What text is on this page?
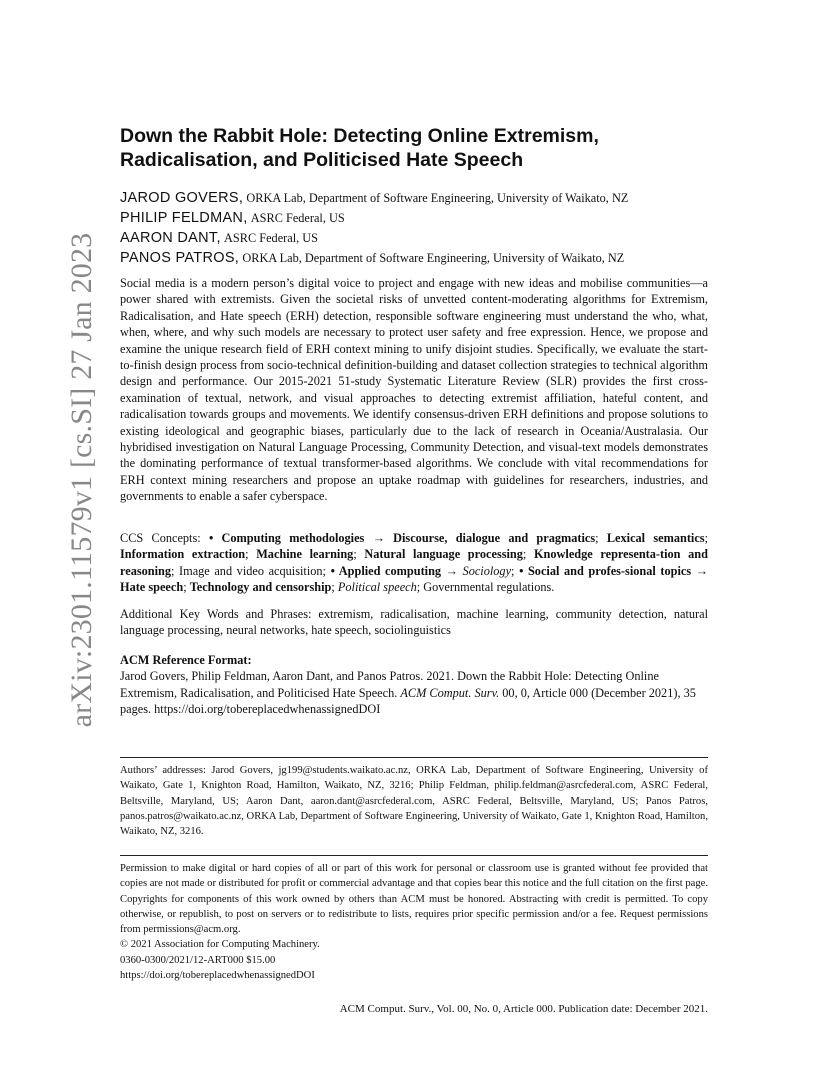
arXiv:2301.11579v1 [cs.SI] 27 Jan 2023
Down the Rabbit Hole: Detecting Online Extremism, Radicalisation, and Politicised Hate Speech
JAROD GOVERS, ORKA Lab, Department of Software Engineering, University of Waikato, NZ
PHILIP FELDMAN, ASRC Federal, US
AARON DANT, ASRC Federal, US
PANOS PATROS, ORKA Lab, Department of Software Engineering, University of Waikato, NZ

Social media is a modern person’s digital voice to project and engage with new ideas and mobilise communities—a power shared with extremists. Given the societal risks of unvetted content-moderating algorithms for Extremism, Radicalisation, and Hate speech (ERH) detection, responsible software engineering must understand the who, what, when, where, and why such models are necessary to protect user safety and free expression. Hence, we propose and examine the unique research field of ERH context mining to unify disjoint studies. Specifically, we evaluate the start-to-finish design process from socio-technical definition-building and dataset collection strategies to technical algorithm design and performance. Our 2015-2021 51-study Systematic Literature Review (SLR) provides the first cross-examination of textual, network, and visual approaches to detecting extremist affiliation, hateful content, and radicalisation towards groups and movements. We identify consensus-driven ERH definitions and propose solutions to existing ideological and geographic biases, particularly due to the lack of research in Oceania/Australasia. Our hybridised investigation on Natural Language Processing, Community Detection, and visual-text models demonstrates the dominating performance of textual transformer-based algorithms. We conclude with vital recommendations for ERH context mining researchers and propose an uptake roadmap with guidelines for researchers, industries, and governments to enable a safer cyberspace.

CCS Concepts: • Computing methodologies → Discourse, dialogue and pragmatics; Lexical semantics; Information extraction; Machine learning; Natural language processing; Knowledge representa-tion and reasoning; Image and video acquisition; • Applied computing → Sociology; • Social and profes-sional topics → Hate speech; Technology and censorship; Political speech; Governmental regulations.

Additional Key Words and Phrases: extremism, radicalisation, machine learning, community detection, natural language processing, neural networks, hate speech, sociolinguistics

ACM Reference Format:

Jarod Govers, Philip Feldman, Aaron Dant, and Panos Patros. 2021. Down the Rabbit Hole: Detecting Online Extremism, Radicalisation, and Politicised Hate Speech. ACM Comput. Surv. 00, 0, Article 000 (December 2021), 35 pages. https://doi.org/tobereplacedwhenassignedDOI

Authors’ addresses: Jarod Govers, jg199@students.waikato.ac.nz, ORKA Lab, Department of Software Engineering, University of Waikato, Gate 1, Knighton Road, Hamilton, Waikato, NZ, 3216; Philip Feldman, philip.feldman@asrcfederal.com, ASRC Federal, Beltsville, Maryland, US; Aaron Dant, aaron.dant@asrcfederal.com, ASRC Federal, Beltsville, Maryland, US; Panos Patros, panos.patros@waikato.ac.nz, ORKA Lab, Department of Software Engineering, University of Waikato, Gate 1, Knighton Road, Hamilton, Waikato, NZ, 3216.

Permission to make digital or hard copies of all or part of this work for personal or classroom use is granted without fee provided that copies are not made or distributed for profit or commercial advantage and that copies bear this notice and the full citation on the first page. Copyrights for components of this work owned by others than ACM must be honored. Abstracting with credit is permitted. To copy otherwise, or republish, to post on servers or to redistribute to lists, requires prior specific permission and/or a fee. Request permissions from permissions@acm.org.

© 2021 Association for Computing Machinery.
0360-0300/2021/12-ART000 $15.00
https://doi.org/tobereplacedwhenassignedDOI
ACM Comput. Surv., Vol. 00, No. 0, Article 000. Publication date: December 2021.
